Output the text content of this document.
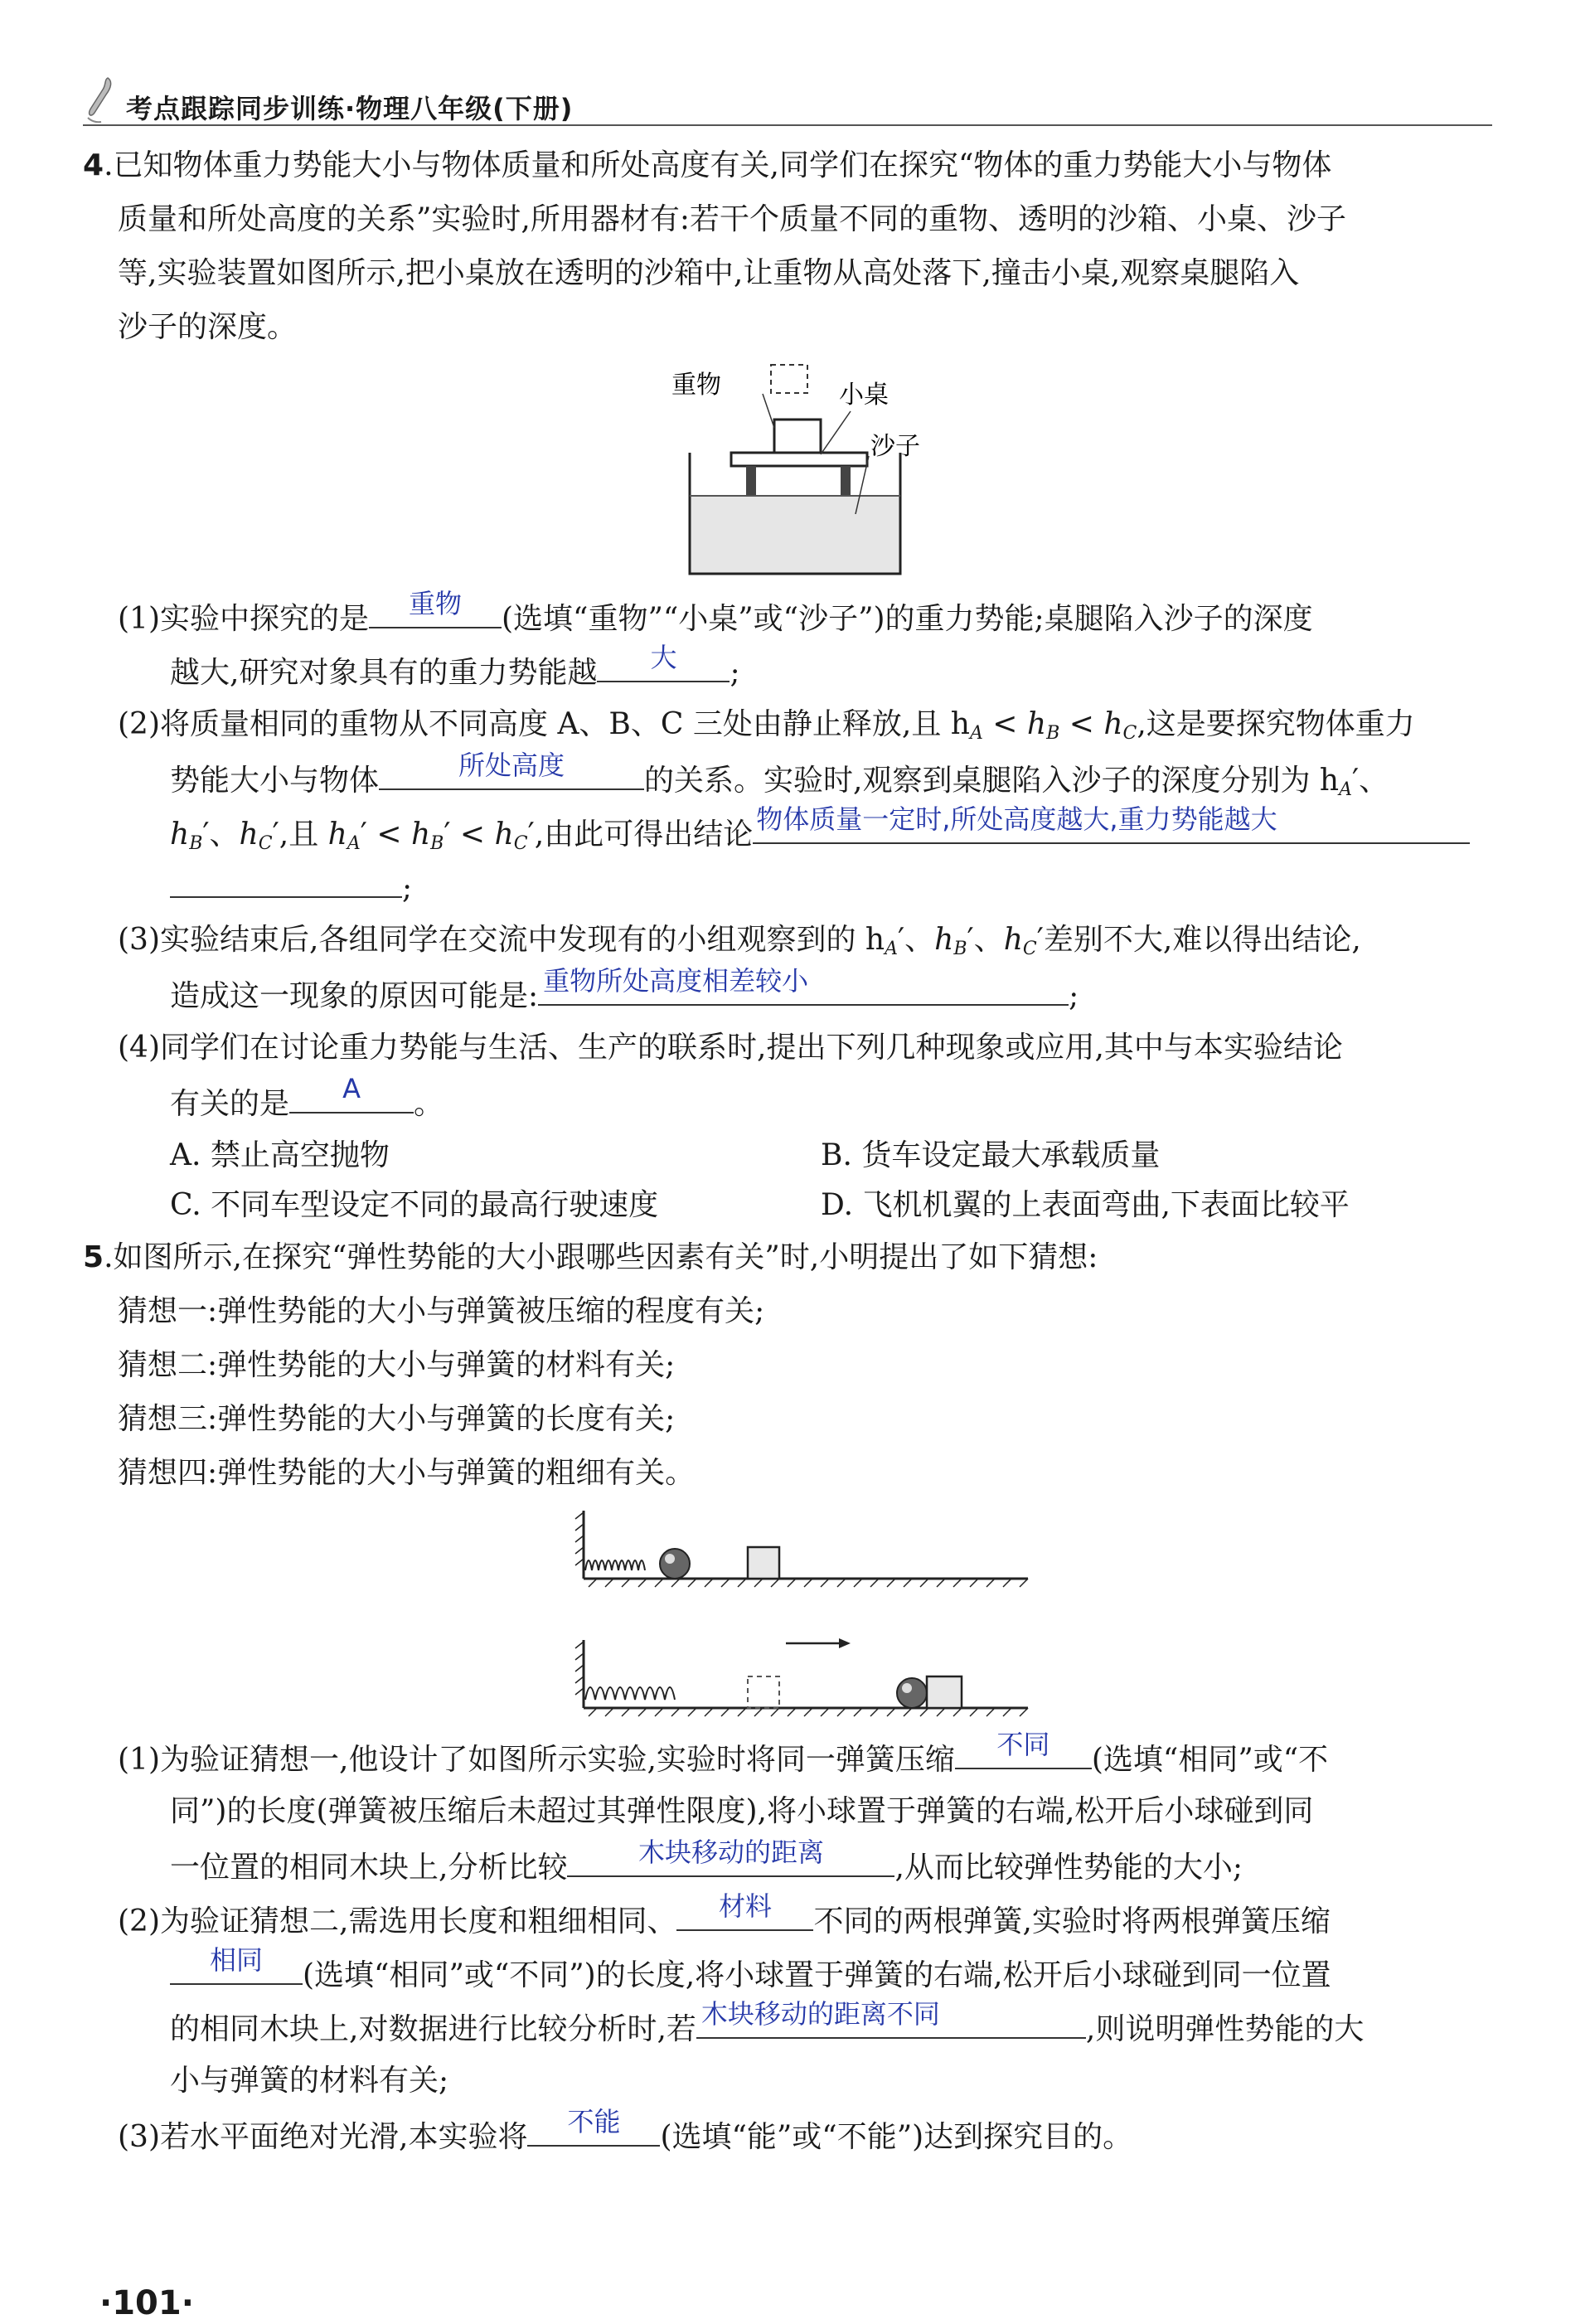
考点跟踪同步训练·物理八年级(下册)
4.已知物体重力势能大小与物体质量和所处高度有关,同学们在探究“物体的重力势能大小与物体
质量和所处高度的关系”实验时,所用器材有:若干个质量不同的重物、透明的沙箱、小桌、沙子
等,实验装置如图所示,把小桌放在透明的沙箱中,让重物从高处落下,撞击小桌,观察桌腿陷入
沙子的深度。
重物	小桌
沙子
(1)实验中探究的是	重物	(选填“重物”“小桌”或“沙子”)的重力势能;桌腿陷入沙子的深度
越大,研究对象具有的重力势能越	大	;
(2)将质量相同的重物从不同高度 A、B、C 三处由静止释放,且 $h_A < h_B < h_C$,这是要探究物体重力
势能大小与物体	所处高度	的关系。实验时,观察到桌腿陷入沙子的深度分别为 $h_A'$、
$h_B'$、$h_C'$,且 $h_A' < h_B' < h_C'$,由此可得出结论 物体质量一定时,所处高度越大,重力势能越大
;
(3)实验结束后,各组同学在交流中发现有的小组观察到的 $h_A'$、$h_B'$、$h_C'$差别不大,难以得出结论,
造成这一现象的原因可能是: 重物所处高度相差较小	;
(4)同学们在讨论重力势能与生活、生产的联系时,提出下列几种现象或应用,其中与本实验结论
有关的是	A	。
A. 禁止高空抛物	B. 货车设定最大承载质量
C. 不同车型设定不同的最高行驶速度	D. 飞机机翼的上表面弯曲,下表面比较平
5.如图所示,在探究“弹性势能的大小跟哪些因素有关”时,小明提出了如下猜想:
猜想一:弹性势能的大小与弹簧被压缩的程度有关;
猜想二:弹性势能的大小与弹簧的材料有关;
猜想三:弹性势能的大小与弹簧的长度有关;
猜想四:弹性势能的大小与弹簧的粗细有关。
(1)为验证猜想一,他设计了如图所示实验,实验时将同一弹簧压缩	不同	(选填“相同”或“不
同”)的长度(弹簧被压缩后未超过其弹性限度),将小球置于弹簧的右端,松开后小球碰到同
一位置的相同木块上,分析比较	木块移动的距离	,从而比较弹性势能的大小;
(2)为验证猜想二,需选用长度和粗细相同、	材料	不同的两根弹簧,实验时将两根弹簧压缩
相同	(选填“相同”或“不同”)的长度,将小球置于弹簧的右端,松开后小球碰到同一位置
的相同木块上,对数据进行比较分析时,若 木块移动的距离不同	,则说明弹性势能的大
小与弹簧的材料有关;
(3)若水平面绝对光滑,本实验将	不能	(选填“能”或“不能”)达到探究目的。
·101·
